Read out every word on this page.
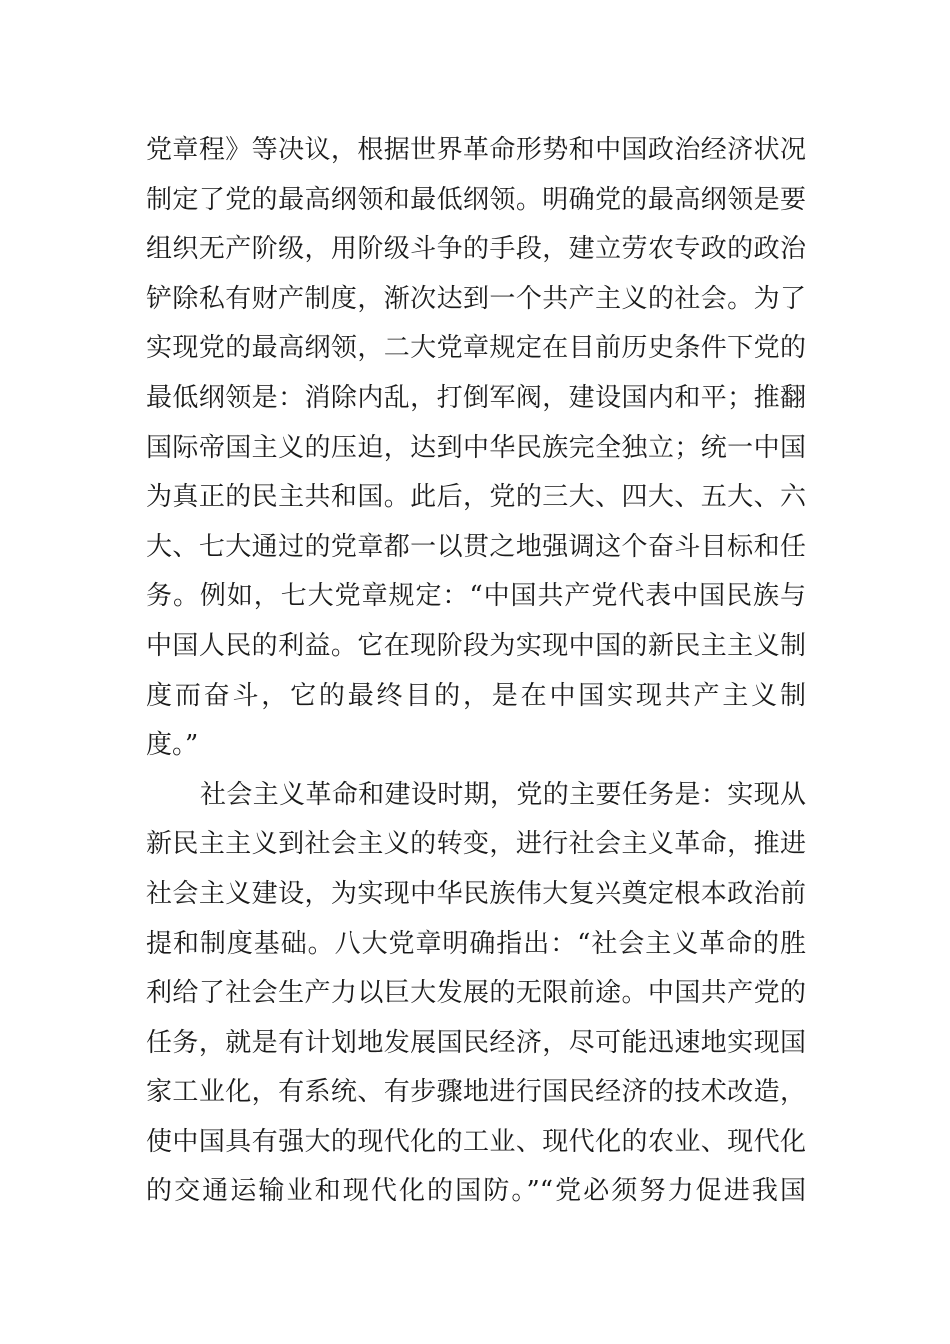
党章程》等决议，根据世界革命形势和中国政治经济状况
制定了党的最高纲领和最低纲领。明确党的最高纲领是要
组织无产阶级，用阶级斗争的手段，建立劳农专政的政治
铲除私有财产制度，渐次达到一个共产主义的社会。为了
实现党的最高纲领，二大党章规定在目前历史条件下党的
最低纲领是：消除内乱，打倒军阀，建设国内和平；推翻
国际帝国主义的压迫，达到中华民族完全独立；统一中国
为真正的民主共和国。此后，党的三大、四大、五大、六
大、七大通过的党章都一以贯之地强调这个奋斗目标和任
务。例如，七大党章规定：“中国共产党代表中国民族与
中国人民的利益。它在现阶段为实现中国的新民主主义制
度而奋斗，它的最终目的，是在中国实现共产主义制
度。”
社会主义革命和建设时期，党的主要任务是：实现从
新民主主义到社会主义的转变，进行社会主义革命，推进
社会主义建设，为实现中华民族伟大复兴奠定根本政治前
提和制度基础。八大党章明确指出：“社会主义革命的胜
利给了社会生产力以巨大发展的无限前途。中国共产党的
任务，就是有计划地发展国民经济，尽可能迅速地实现国
家工业化，有系统、有步骤地进行国民经济的技术改造，
使中国具有强大的现代化的工业、现代化的农业、现代化
的交通运输业和现代化的国防。”“党必须努力促进我国
